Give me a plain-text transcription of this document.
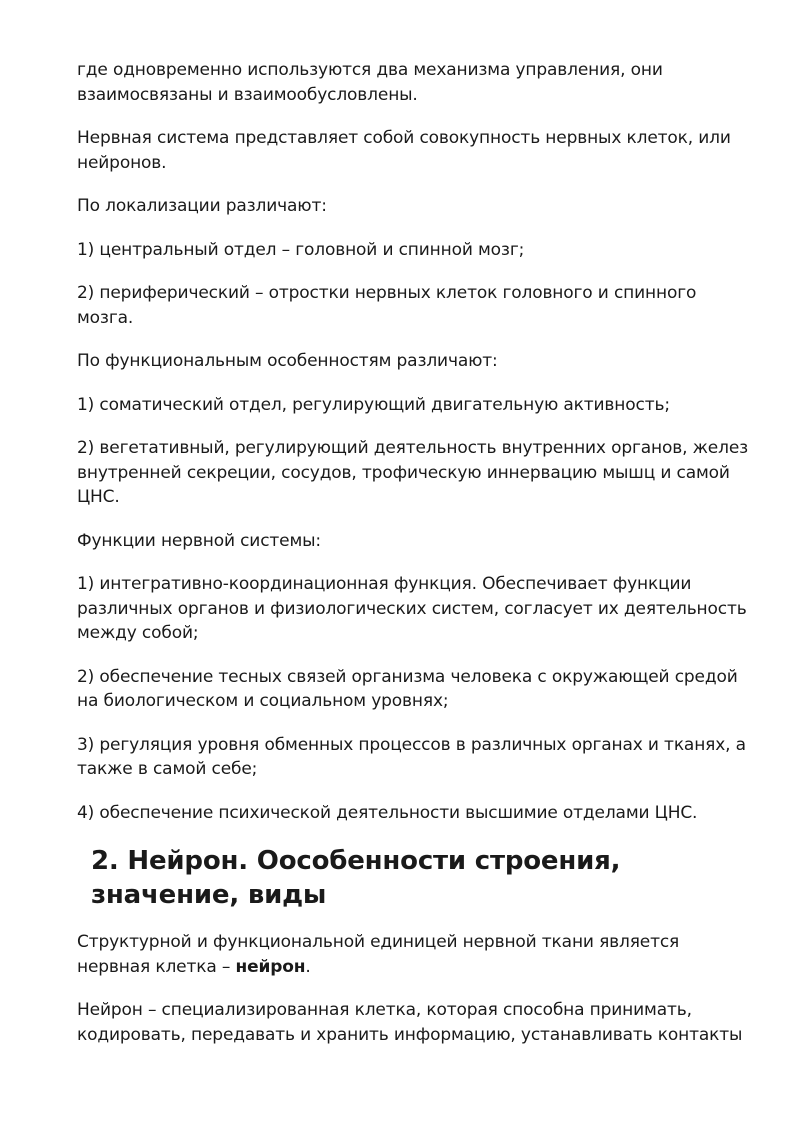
где одновременно используются два механизма управления, они взаимосвязаны и взаимообусловлены.

Нервная система представляет собой совокупность нервных клеток, или нейронов.

По локализации различают:

1) центральный отдел – головной и спинной мозг;

2) периферический – отростки нервных клеток головного и спинного мозга.

По функциональным особенностям различают:

1) соматический отдел, регулирующий двигательную активность;

2) вегетативный, регулирующий деятельность внутренних органов, желез внутренней секреции, сосудов, трофическую иннервацию мышц и самой ЦНС.

Функции нервной системы:

1) интегративно-координационная функция. Обеспечивает функции различных органов и физиологических систем, согласует их деятельность между собой;

2) обеспечение тесных связей организма человека с окружающей средой на биологическом и социальном уровнях;

3) регуляция уровня обменных процессов в различных органах и тканях, а также в самой себе;

4) обеспечение психической деятельности высшимие отделами ЦНС.

2. Нейрон. Оособенности строения, значение, виды

Структурной и функциональной единицей нервной ткани является нервная клетка – нейрон.

Нейрон – специализированная клетка, которая способна принимать, кодировать, передавать и хранить информацию, устанавливать контакты
